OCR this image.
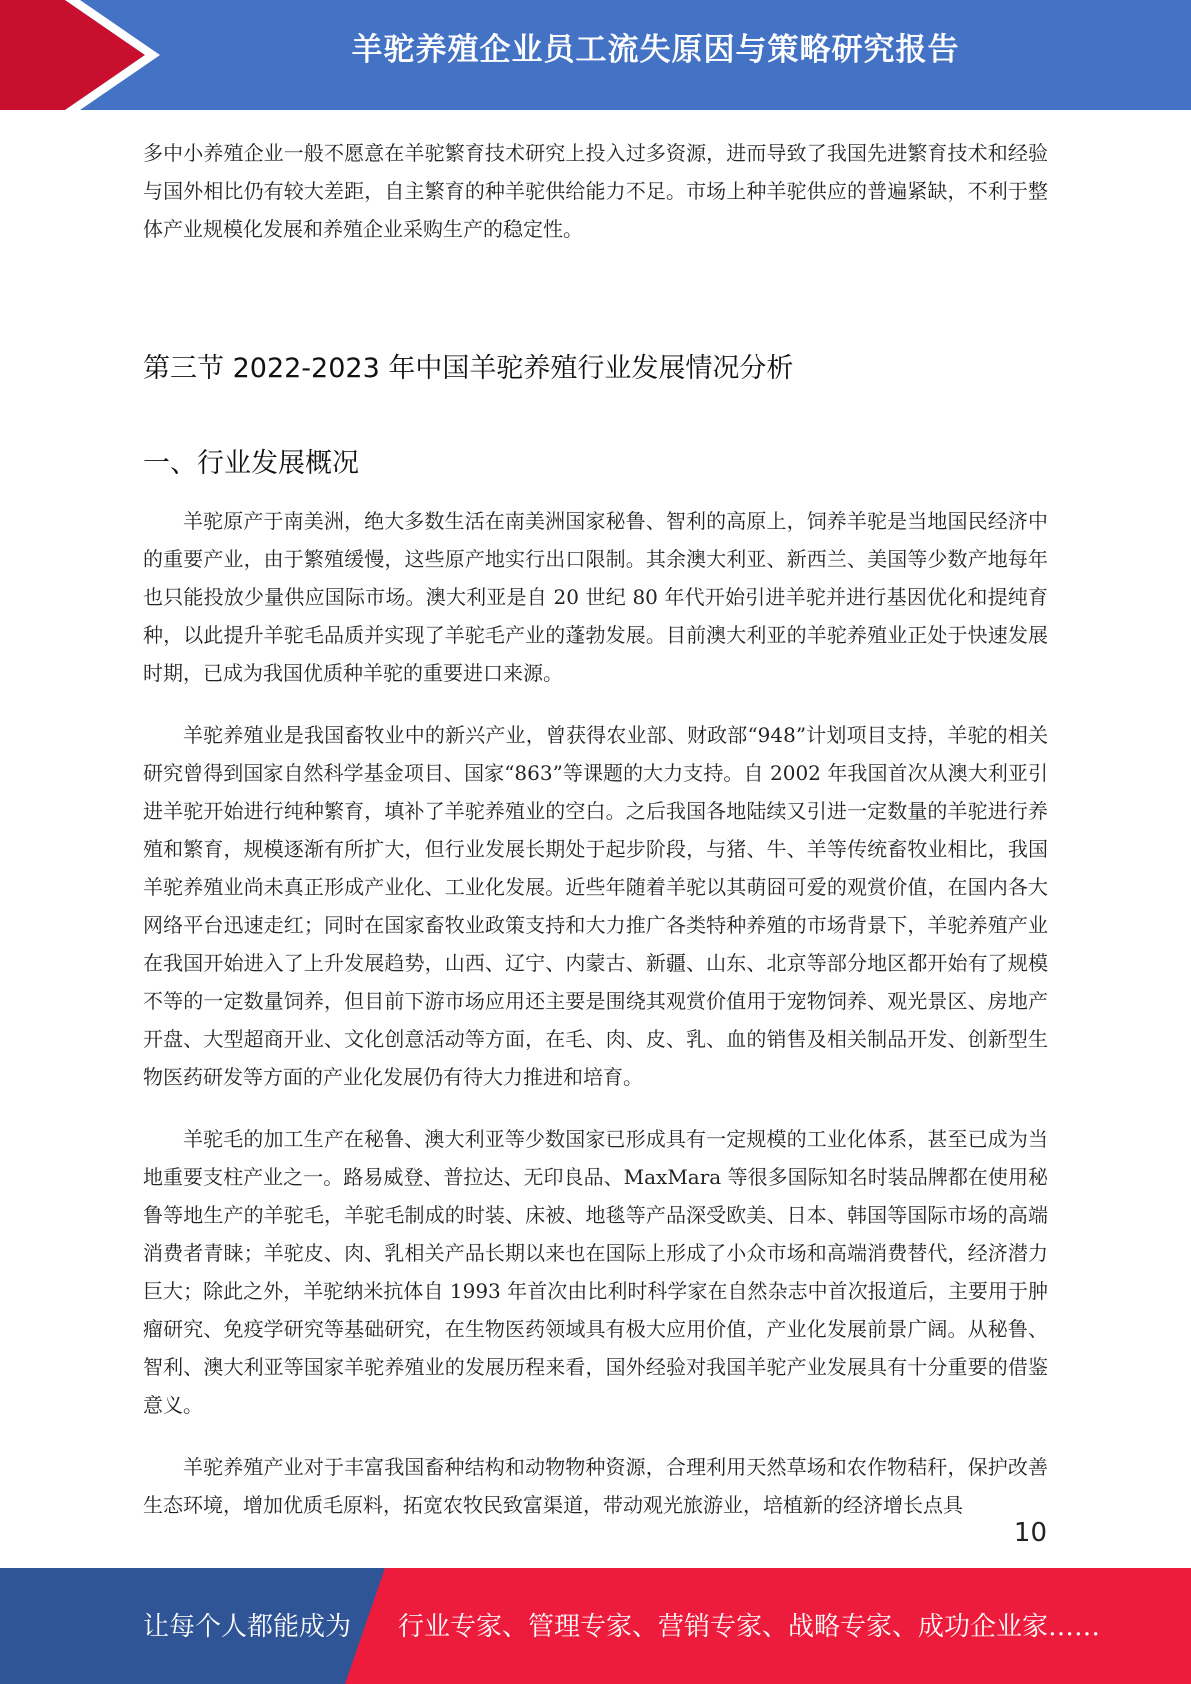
羊驼养殖企业员工流失原因与策略研究报告

多中小养殖企业一般不愿意在羊驼繁育技术研究上投入过多资源，进而导致了我国先进繁育技术和经验与国外相比仍有较大差距，自主繁育的种羊驼供给能力不足。市场上种羊驼供应的普遍紧缺，不利于整体产业规模化发展和养殖企业采购生产的稳定性。

第三节 2022-2023 年中国羊驼养殖行业发展情况分析
一、行业发展概况

羊驼原产于南美洲，绝大多数生活在南美洲国家秘鲁、智利的高原上，饲养羊驼是当地国民经济中的重要产业，由于繁殖缓慢，这些原产地实行出口限制。其余澳大利亚、新西兰、美国等少数产地每年也只能投放少量供应国际市场。澳大利亚是自 20 世纪 80 年代开始引进羊驼并进行基因优化和提纯育种，以此提升羊驼毛品质并实现了羊驼毛产业的蓬勃发展。目前澳大利亚的羊驼养殖业正处于快速发展时期，已成为我国优质种羊驼的重要进口来源。

羊驼养殖业是我国畜牧业中的新兴产业，曾获得农业部、财政部“948”计划项目支持，羊驼的相关研究曾得到国家自然科学基金项目、国家“863”等课题的大力支持。自 2002 年我国首次从澳大利亚引进羊驼开始进行纯种繁育，填补了羊驼养殖业的空白。之后我国各地陆续又引进一定数量的羊驼进行养殖和繁育，规模逐渐有所扩大，但行业发展长期处于起步阶段，与猪、牛、羊等传统畜牧业相比，我国羊驼养殖业尚未真正形成产业化、工业化发展。近些年随着羊驼以其萌囧可爱的观赏价值，在国内各大网络平台迅速走红；同时在国家畜牧业政策支持和大力推广各类特种养殖的市场背景下，羊驼养殖产业在我国开始进入了上升发展趋势，山西、辽宁、内蒙古、新疆、山东、北京等部分地区都开始有了规模不等的一定数量饲养，但目前下游市场应用还主要是围绕其观赏价值用于宠物饲养、观光景区、房地产开盘、大型超商开业、文化创意活动等方面，在毛、肉、皮、乳、血的销售及相关制品开发、创新型生物医药研发等方面的产业化发展仍有待大力推进和培育。

羊驼毛的加工生产在秘鲁、澳大利亚等少数国家已形成具有一定规模的工业化体系，甚至已成为当地重要支柱产业之一。路易威登、普拉达、无印良品、MaxMara 等很多国际知名时装品牌都在使用秘鲁等地生产的羊驼毛，羊驼毛制成的时装、床被、地毯等产品深受欧美、日本、韩国等国际市场的高端消费者青睐；羊驼皮、肉、乳相关产品长期以来也在国际上形成了小众市场和高端消费替代，经济潜力巨大；除此之外，羊驼纳米抗体自 1993 年首次由比利时科学家在自然杂志中首次报道后，主要用于肿瘤研究、免疫学研究等基础研究，在生物医药领域具有极大应用价值，产业化发展前景广阔。从秘鲁、智利、澳大利亚等国家羊驼养殖业的发展历程来看，国外经验对我国羊驼产业发展具有十分重要的借鉴意义。

羊驼养殖产业对于丰富我国畜种结构和动物物种资源，合理利用天然草场和农作物秸秆，保护改善生态环境，增加优质毛原料，拓宽农牧民致富渠道，带动观光旅游业，培植新的经济增长点具

10
让每个人都能成为 行业专家、管理专家、营销专家、战略专家、成功企业家……
